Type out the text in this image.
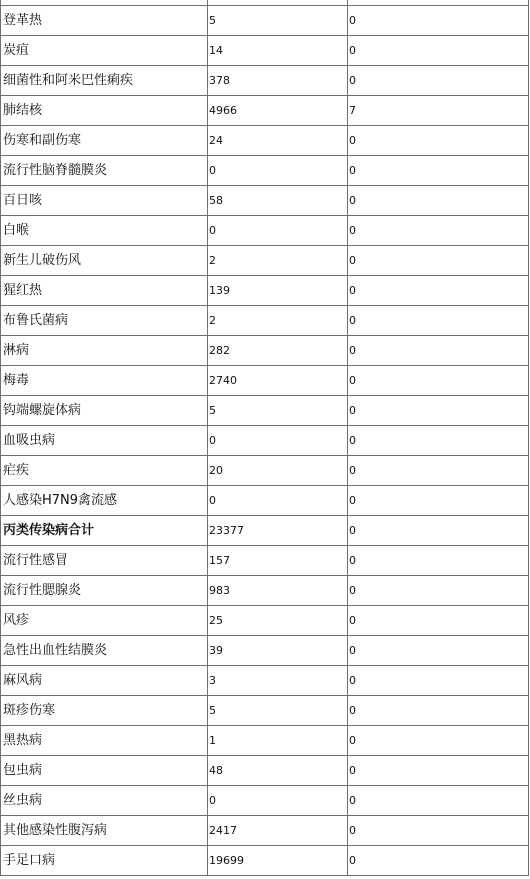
登革热	5	0
炭疽	14	0
细菌性和阿米巴性痢疾	378	0
肺结核	4966	7
伤寒和副伤寒	24	0
流行性脑脊髓膜炎	0	0
百日咳	58	0
白喉	0	0
新生儿破伤风	2	0
猩红热	139	0
布鲁氏菌病	2	0
淋病	282	0
梅毒	2740	0
钩端螺旋体病	5	0
血吸虫病	0	0
疟疾	20	0
人感染H7N9禽流感	0	0
丙类传染病合计	23377	0
流行性感冒	157	0
流行性腮腺炎	983	0
风疹	25	0
急性出血性结膜炎	39	0
麻风病	3	0
斑疹伤寒	5	0
黑热病	1	0
包虫病	48	0
丝虫病	0	0
其他感染性腹泻病	2417	0
手足口病	19699	0
